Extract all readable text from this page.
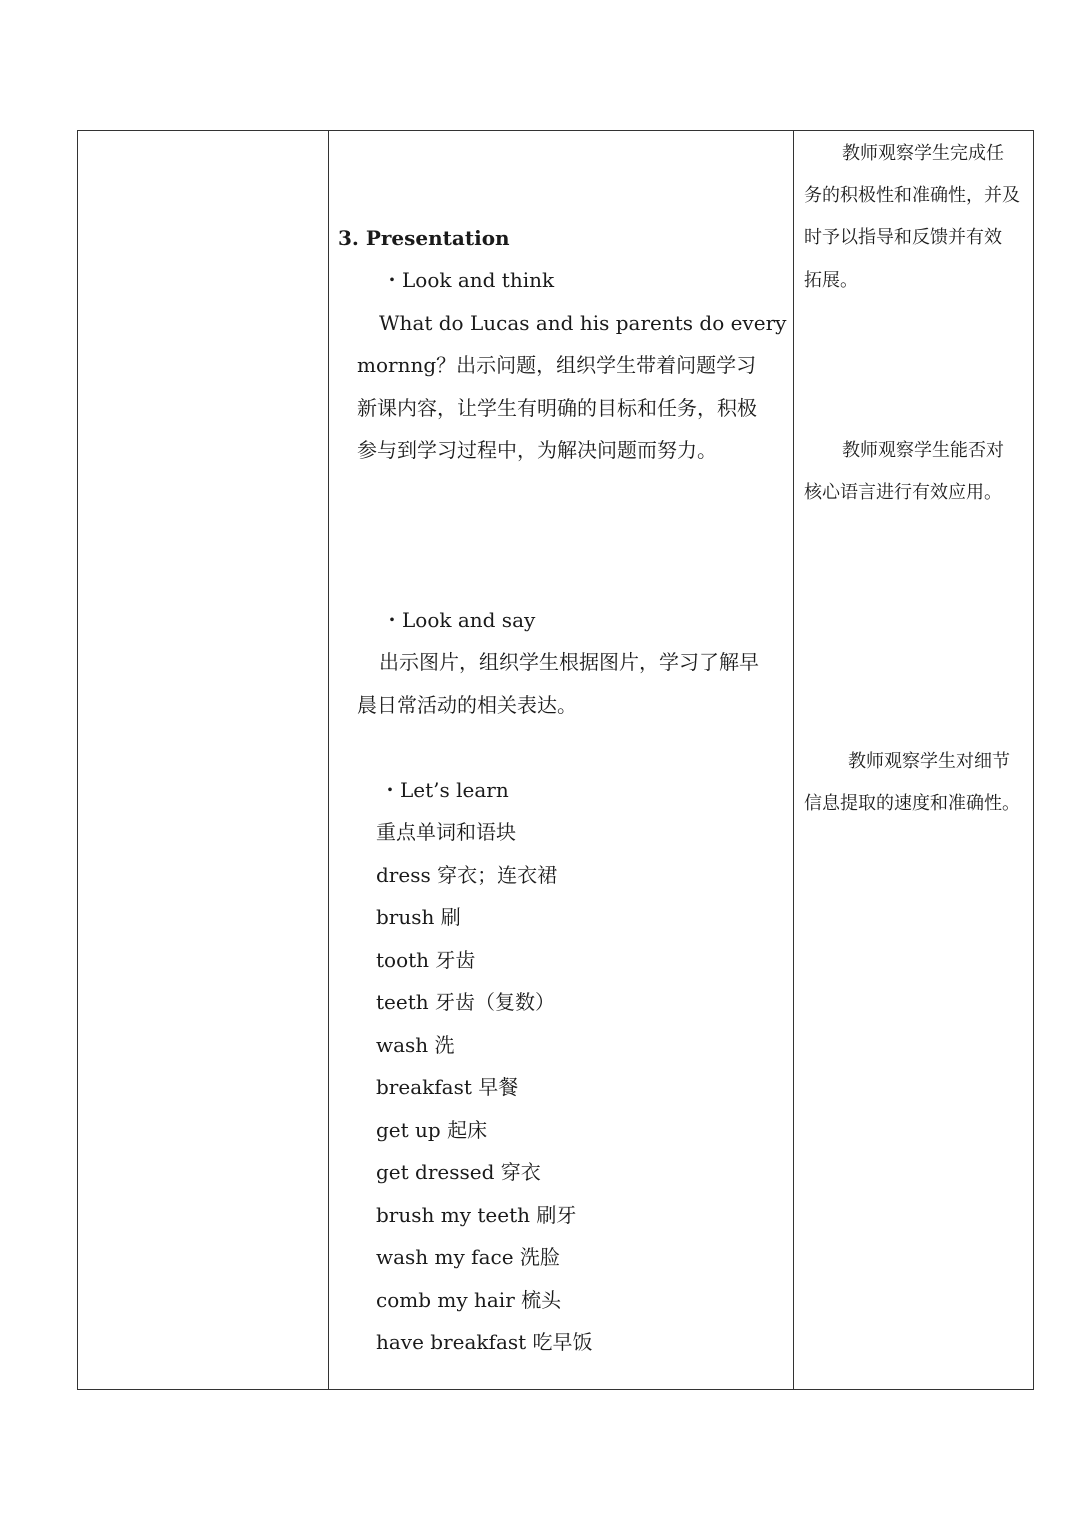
3. Presentation
・Look and think
What do Lucas and his parents do every
mornng？出示问题，组织学生带着问题学习
新课内容，让学生有明确的目标和任务，积极
参与到学习过程中，为解决问题而努力。
・Look and say
出示图片，组织学生根据图片，学习了解早
晨日常活动的相关表达。
・Let’s learn
重点单词和语块
dress 穿衣；连衣裙
brush 刷
tooth 牙齿
teeth 牙齿（复数）
wash 洗
breakfast 早餐
get up 起床
get dressed 穿衣
brush my teeth 刷牙
wash my face 洗脸
comb my hair 梳头
have breakfast 吃早饭
教师观察学生完成任
务的积极性和准确性，并及
时予以指导和反馈并有效
拓展。
教师观察学生能否对
核心语言进行有效应用。
教师观察学生对细节
信息提取的速度和准确性。
